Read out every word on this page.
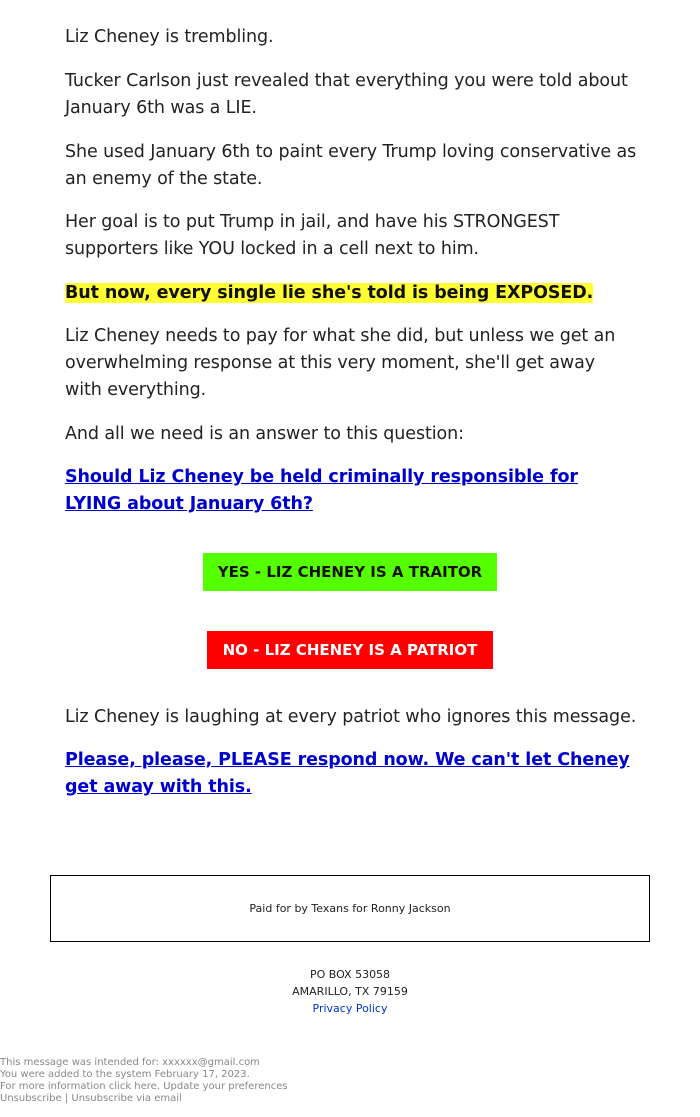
Liz Cheney is trembling.

Tucker Carlson just revealed that everything you were told about January 6th was a LIE.

She used January 6th to paint every Trump loving conservative as an enemy of the state.

Her goal is to put Trump in jail, and have his STRONGEST supporters like YOU locked in a cell next to him.

But now, every single lie she's told is being EXPOSED.

Liz Cheney needs to pay for what she did, but unless we get an overwhelming response at this very moment, she'll get away with everything.

And all we need is an answer to this question:

Should Liz Cheney be held criminally responsible for LYING about January 6th?

Liz Cheney is laughing at every patriot who ignores this message.

Please, please, PLEASE respond now. We can't let Cheney get away with this.

YES - LIZ CHENEY IS A TRAITOR
NO - LIZ CHENEY IS A PATRIOT
Paid for by Texans for Ronny Jackson
PO BOX 53058
AMARILLO, TX 79159
Privacy Policy
This message was intended for: xxxxxx@gmail.com
You were added to the system February 17, 2023.
For more information click here. Update your preferences
Unsubscribe | Unsubscribe via email
